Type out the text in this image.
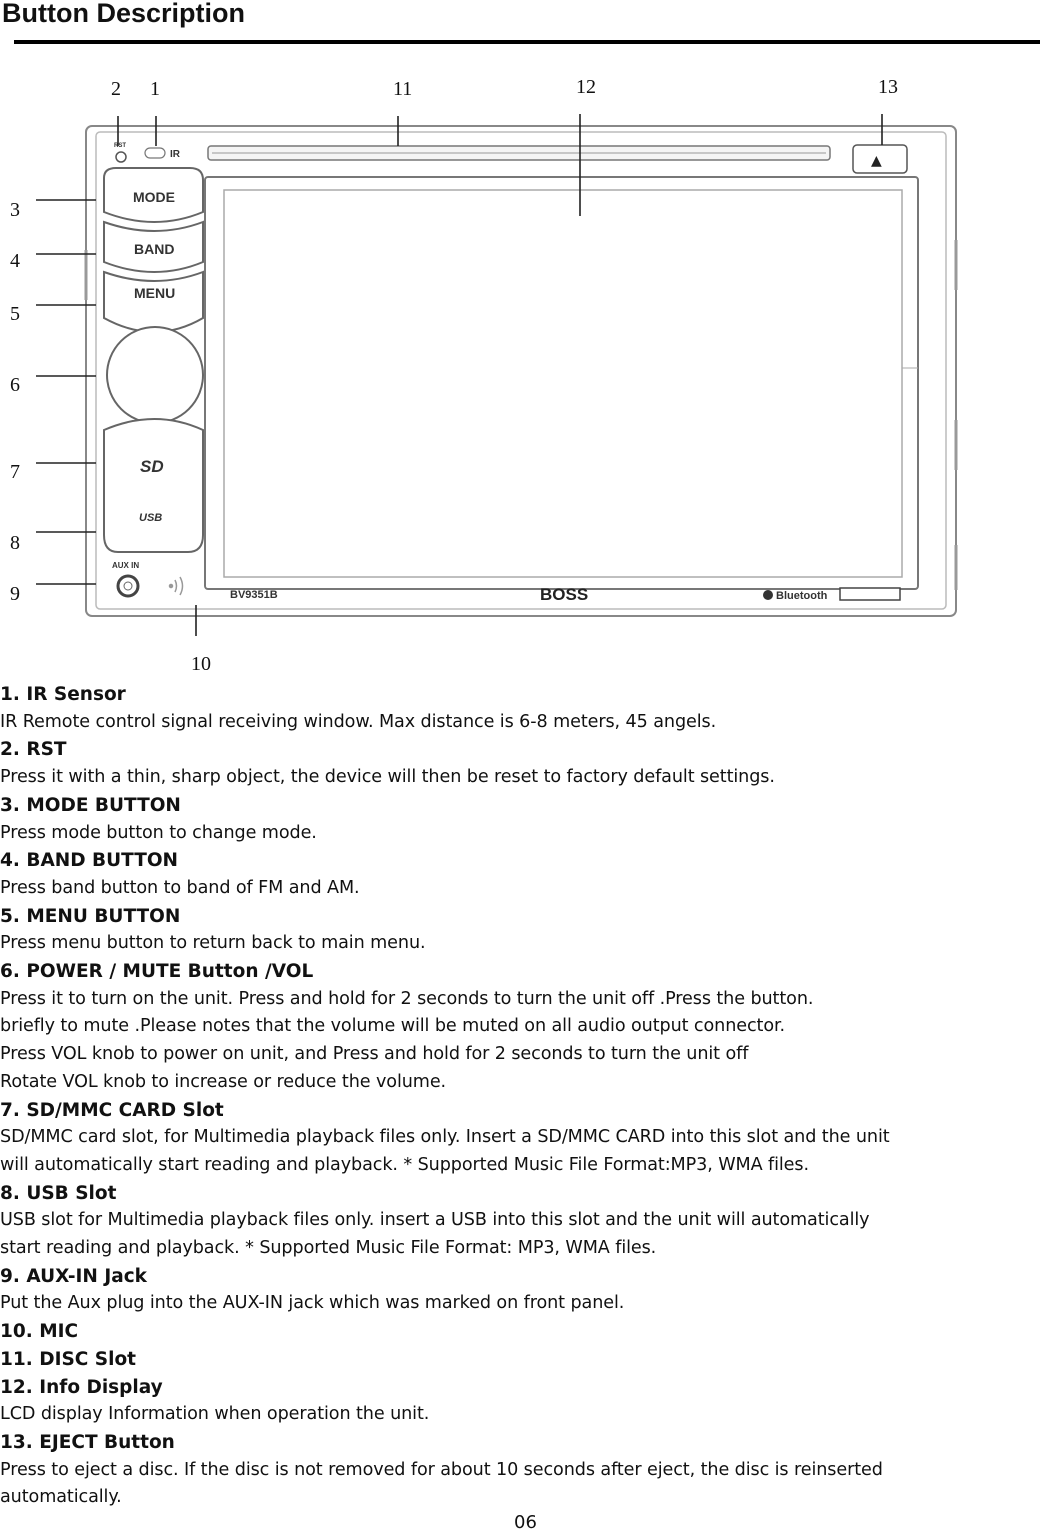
Button Description
RST
IR	▲
MODE
BAND
MENU
SD
USB
AUX IN
BV9351B	BOSS	Bluetooth
2 1	11	12	13
3
4
5
6
7
8
9
10
1. IR Sensor
IR Remote control signal receiving window. Max distance is 6-8 meters, 45 angels.
2. RST
Press it with a thin, sharp object, the device will then be reset to factory default settings.
3. MODE BUTTON
Press mode button to change mode.
4. BAND BUTTON
Press band button to band of FM and AM.
5. MENU BUTTON
Press menu button to return back to main menu.
6. POWER / MUTE Button /VOL
Press it to turn on the unit. Press and hold for 2 seconds to turn the unit off .Press the button.
briefly to mute .Please notes that the volume will be muted on all audio output connector.
Press VOL knob to power on unit, and Press and hold for 2 seconds to turn the unit off
Rotate VOL knob to increase or reduce the volume.
7. SD/MMC CARD Slot
SD/MMC card slot, for Multimedia playback files only. Insert a SD/MMC CARD into this slot and the unit
will automatically start reading and playback. * Supported Music File Format:MP3, WMA files.
8. USB Slot
USB slot for Multimedia playback files only. insert a USB into this slot and the unit will automatically
start reading and playback. * Supported Music File Format: MP3, WMA files.
9. AUX-IN Jack
Put the Aux plug into the AUX-IN jack which was marked on front panel.
10. MIC
11. DISC Slot
12. Info Display
LCD display Information when operation the unit.
13. EJECT Button
Press to eject a disc. If the disc is not removed for about 10 seconds after eject, the disc is reinserted
automatically.
06
